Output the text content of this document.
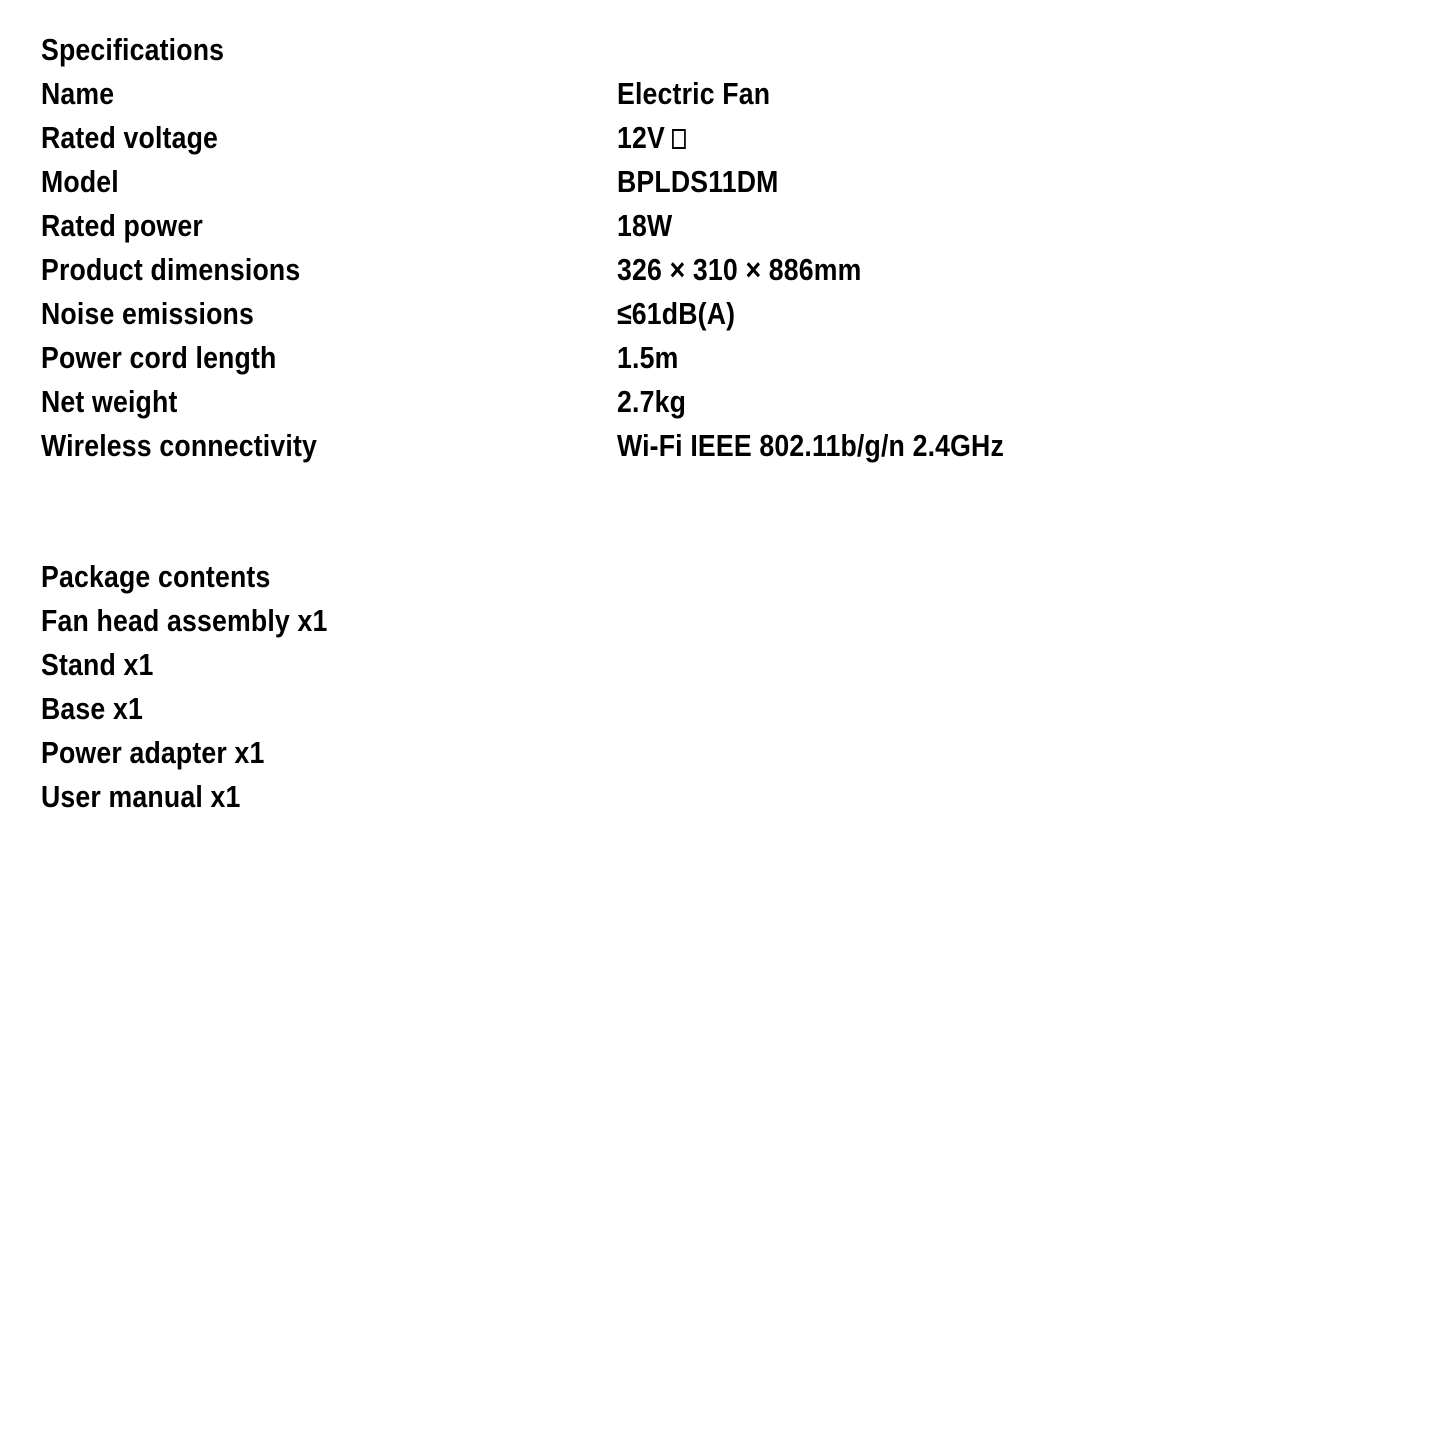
Specifications
Name	Electric Fan
Rated voltage	12V
Model	BPLDS11DM
Rated power	18W
Product dimensions	326 × 310 × 886mm
Noise emissions	≤61dB(A)
Power cord length	1.5m
Net weight	2.7kg
Wireless connectivity	Wi-Fi IEEE 802.11b/g/n 2.4GHz
Package contents
Fan head assembly x1
Stand x1
Base x1
Power adapter x1
User manual x1
